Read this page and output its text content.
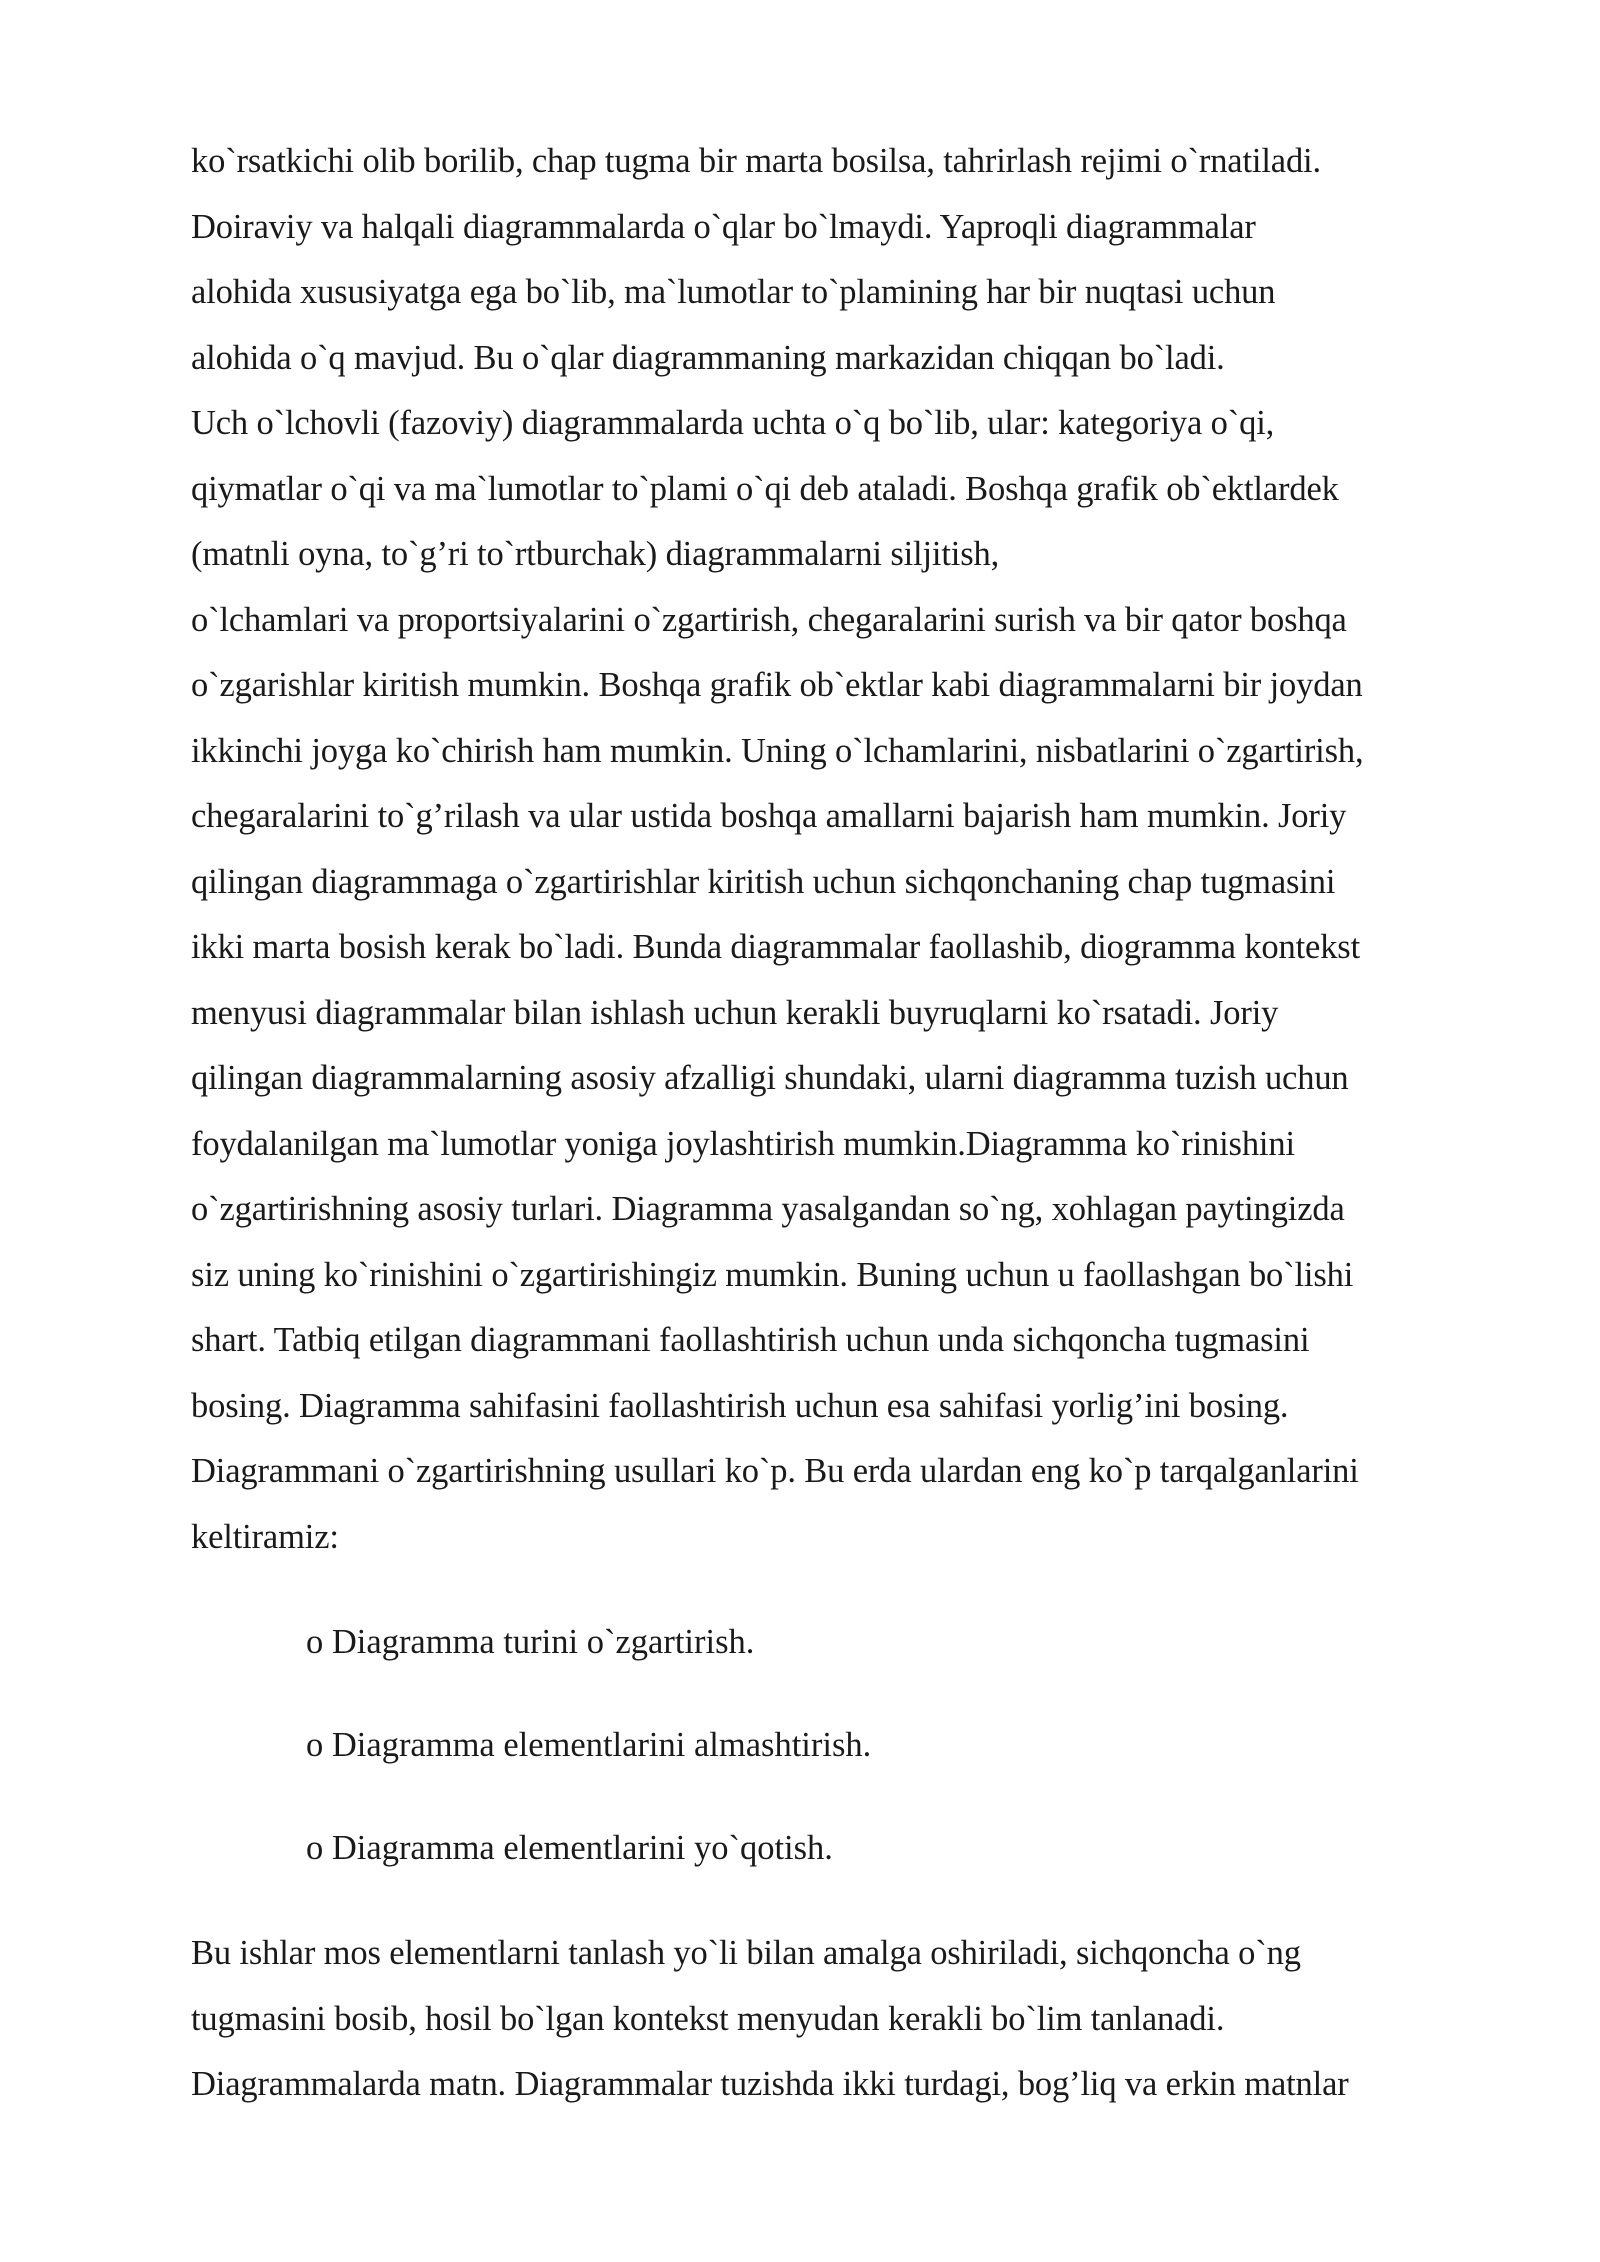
ko`rsatkichi olib borilib, chap tugma bir marta bosilsa, tahrirlash rejimi o`rnatiladi.
Doiraviy va halqali diagrammalarda o`qlar bo`lmaydi. Yaproqli diagrammalar
alohida xususiyatga ega bo`lib, ma`lumotlar to`plamining har bir nuqtasi uchun
alohida o`q mavjud. Bu o`qlar diagrammaning markazidan chiqqan bo`ladi.
Uch o`lchovli (fazoviy) diagrammalarda uchta o`q bo`lib, ular: kategoriya o`qi,
qiymatlar o`qi va ma`lumotlar to`plami o`qi deb ataladi. Boshqa grafik ob`ektlardek
(matnli oyna, to`g’ri to`rtburchak) diagrammalarni siljitish,
o`lchamlari va proportsiyalarini o`zgartirish, chegaralarini surish va bir qator boshqa
o`zgarishlar kiritish mumkin. Boshqa grafik ob`ektlar kabi diagrammalarni bir joydan
ikkinchi joyga ko`chirish ham mumkin. Uning o`lchamlarini, nisbatlarini o`zgartirish,
chegaralarini to`g’rilash va ular ustida boshqa amallarni bajarish ham mumkin. Joriy
qilingan diagrammaga o`zgartirishlar kiritish uchun sichqonchaning chap tugmasini
ikki marta bosish kerak bo`ladi. Bunda diagrammalar faollashib, diogramma kontekst
menyusi diagrammalar bilan ishlash uchun kerakli buyruqlarni ko`rsatadi. Joriy
qilingan diagrammalarning asosiy afzalligi shundaki, ularni diagramma tuzish uchun
foydalanilgan ma`lumotlar yoniga joylashtirish mumkin.Diagramma ko`rinishini
o`zgartirishning asosiy turlari. Diagramma yasalgandan so`ng, xohlagan paytingizda
siz uning ko`rinishini o`zgartirishingiz mumkin. Buning uchun u faollashgan bo`lishi
shart. Tatbiq etilgan diagrammani faollashtirish uchun unda sichqoncha tugmasini
bosing. Diagramma sahifasini faollashtirish uchun esa sahifasi yorlig’ini bosing.
Diagrammani o`zgartirishning usullari ko`p. Bu erda ulardan eng ko`p tarqalganlarini
keltiramiz:
o Diagramma turini o`zgartirish.
o Diagramma elementlarini almashtirish.
o Diagramma elementlarini yo`qotish.
Bu ishlar mos elementlarni tanlash yo`li bilan amalga oshiriladi, sichqoncha o`ng
tugmasini bosib, hosil bo`lgan kontekst menyudan kerakli bo`lim tanlanadi.
Diagrammalarda matn. Diagrammalar tuzishda ikki turdagi, bog’liq va erkin matnlar
